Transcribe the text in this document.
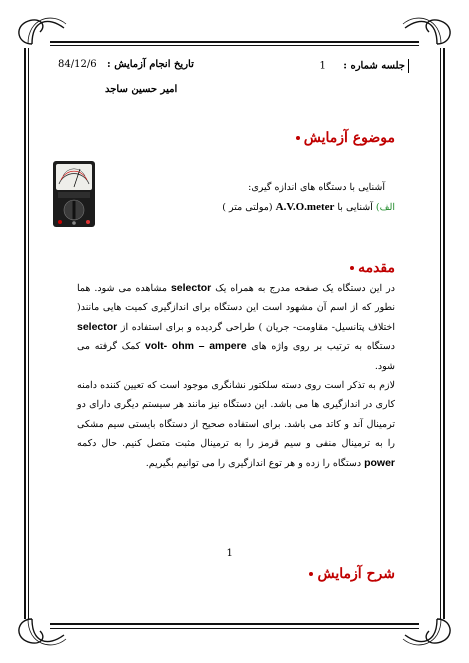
جلسه شماره :     1
تاریخ انجام آزمایش :   84/12/6
امیر حسین ساجد
موضوع آزمایش
آشنایی با دستگاه های اندازه گیری:
الف) آشنایی با A.V.O.meter (مولتی متر )
مقدمه
در این دستگاه یک صفحه مدرج به همراه یک selector مشاهده می شود. هما نطور که از اسم آن مشهود است این دستگاه برای اندازگیری کمیت هایی مانند( اختلاف پتانسیل- مقاومت- جریان ) طراحی گردیده و برای استفاده از selector دستگاه به ترتیب بر روی واژه های volt- ohm – ampere کمک گرفته می شود.
لازم به تذکر است روی دسته سلکتور نشانگری موجود است که تعیین کننده دامنه کاری در اندازگیری ها می باشد. این دستگاه نیز مانند هر سیستم دیگری دارای دو ترمینال آند و کاتد می باشد. برای استفاده صحیح از دستگاه بایستی سیم مشکی را به ترمینال منفی و سیم قرمز را به ترمینال مثبت متصل کنیم. حال دکمه power دستگاه را زده و هر توع اندازگیری را می توانیم بگیریم.
1
شرح آزمایش
